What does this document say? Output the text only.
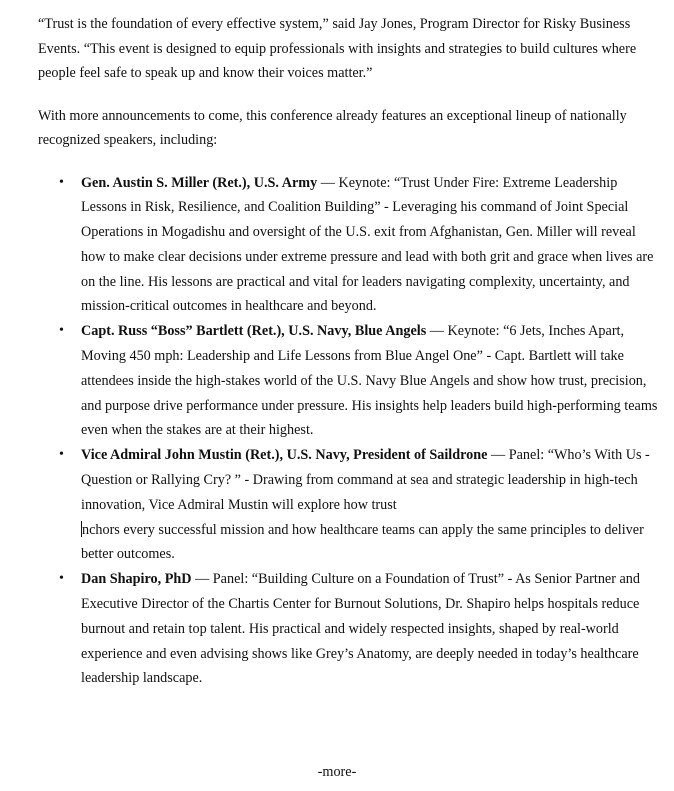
“Trust is the foundation of every effective system,” said Jay Jones, Program Director for Risky Business Events. “This event is designed to equip professionals with insights and strategies to build cultures where people feel safe to speak up and know their voices matter.”

With more announcements to come, this conference already features an exceptional lineup of nationally recognized speakers, including:

• Gen. Austin S. Miller (Ret.), U.S. Army — Keynote: “Trust Under Fire: Extreme Leadership Lessons in Risk, Resilience, and Coalition Building” - Leveraging his command of Joint Special Operations in Mogadishu and oversight of the U.S. exit from Afghanistan, Gen. Miller will reveal how to make clear decisions under extreme pressure and lead with both grit and grace when lives are on the line. His lessons are practical and vital for leaders navigating complexity, uncertainty, and mission-critical outcomes in healthcare and beyond.
• Capt. Russ “Boss” Bartlett (Ret.), U.S. Navy, Blue Angels — Keynote: “6 Jets, Inches Apart, Moving 450 mph: Leadership and Life Lessons from Blue Angel One” - Capt. Bartlett will take attendees inside the high-stakes world of the U.S. Navy Blue Angels and show how trust, precision, and purpose drive performance under pressure. His insights help leaders build high-performing teams even when the stakes are at their highest.
• Vice Admiral John Mustin (Ret.), U.S. Navy, President of Saildrone — Panel: “Who’s With Us - Question or Rallying Cry? ” - Drawing from command at sea and strategic leadership in high-tech innovation, Vice Admiral Mustin will explore how trust
nchors every successful mission and how healthcare teams can apply the same principles to deliver better outcomes.
• Dan Shapiro, PhD — Panel: “Building Culture on a Foundation of Trust” - As Senior Partner and Executive Director of the Chartis Center for Burnout Solutions, Dr. Shapiro helps hospitals reduce burnout and retain top talent. His practical and widely respected insights, shaped by real-world experience and even advising shows like Grey’s Anatomy, are deeply needed in today’s healthcare leadership landscape.
-more-
